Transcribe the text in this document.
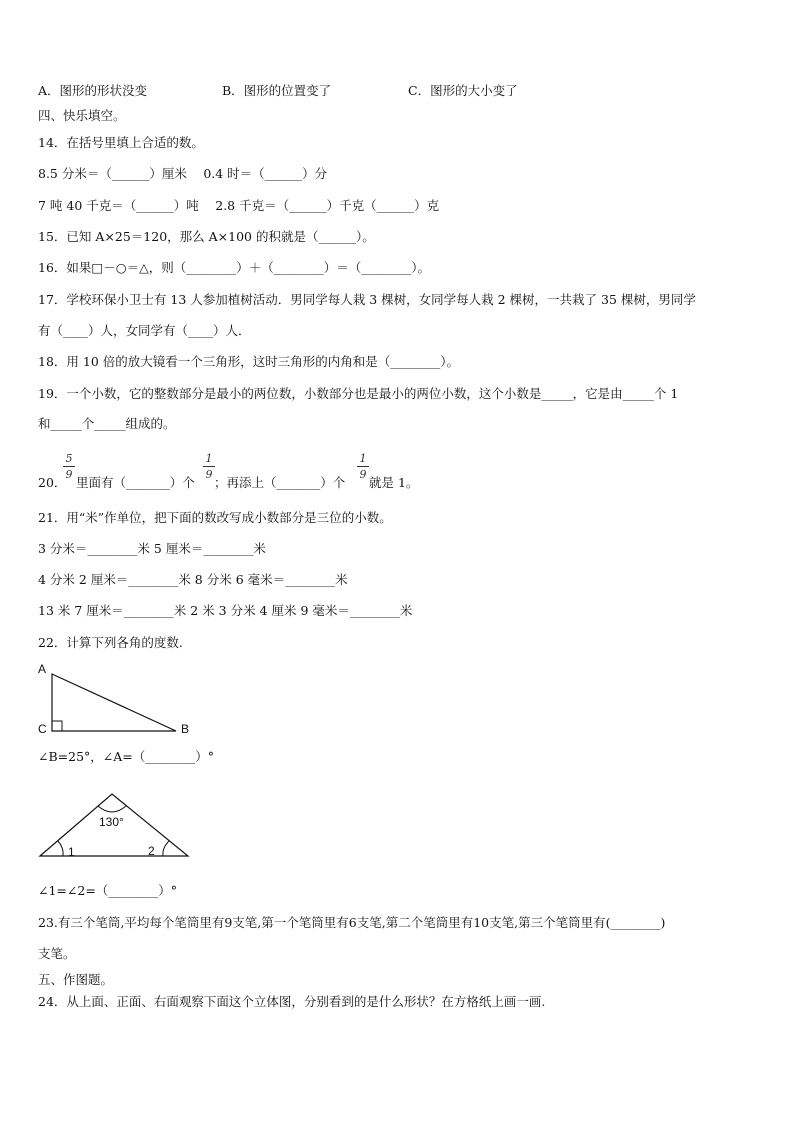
A．图形的形状没变	B．图形的位置变了	C．图形的大小变了
四、快乐填空。
14．在括号里填上合适的数。
8.5 分米＝（______）厘米　 0.4 时＝（______）分
7 吨 40 千克＝（______）吨　 2.8 千克＝（______）千克（______）克
15．已知 A×25＝120，那么 A×100 的积就是（______）。
16．如果□－○＝△，则（________）＋（________）＝（________）。
17．学校环保小卫士有 13 人参加植树活动．男同学每人栽 3 棵树，女同学每人栽 2 棵树，一共栽了 35 棵树，男同学
有（____）人，女同学有（____）人．
18．用 10 倍的放大镜看一个三角形，这时三角形的内角和是（________）。
19．一个小数，它的整数部分是最小的两位数，小数部分也是最小的两位小数，这个小数是_____，它是由_____个 1
和_____个_____组成的。
20．
5
9
里面有（_______）个
1
9
；再添上（_______）个
1
9
就是 1。
21．用“米”作单位，把下面的数改写成小数部分是三位的小数。
3 分米＝________米 5 厘米＝________米
4 分米 2 厘米＝________米 8 分米 6 毫米＝________米
13 米 7 厘米＝________米 2 米 3 分米 4 厘米 9 毫米＝________米
22．计算下列各角的度数.
A
C	B
∠B=25°，∠A=（________）°
130°
1	2
∠1=∠2=（________）°
23.有三个笔筒,平均每个笔筒里有9支笔,第一个笔筒里有6支笔,第二个笔筒里有10支笔,第三个笔筒里有(________)
支笔。
五、作图题。
24．从上面、正面、右面观察下面这个立体图，分别看到的是什么形状？在方格纸上画一画.
